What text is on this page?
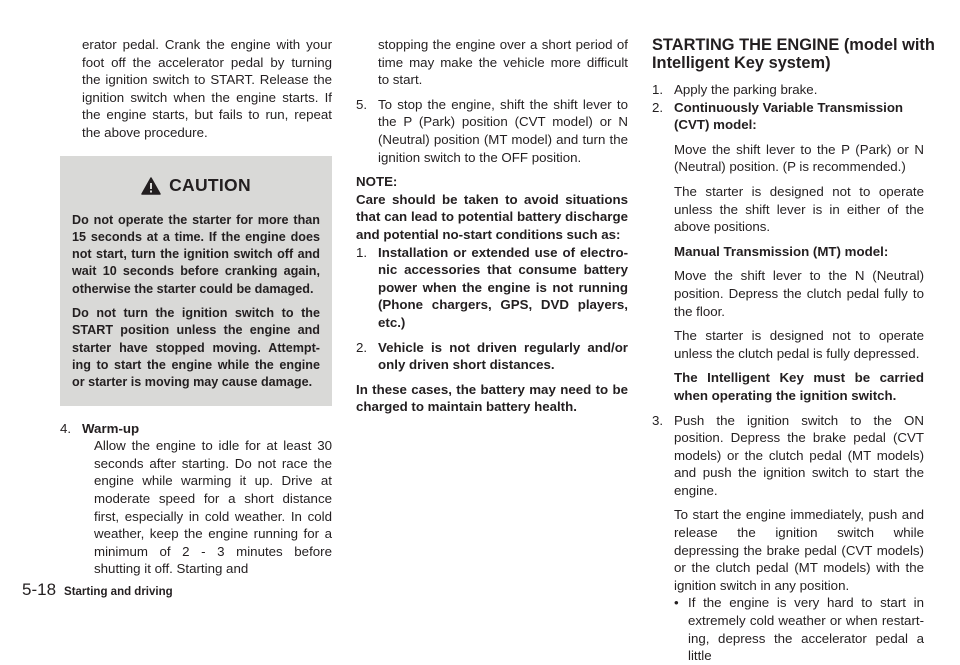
STARTING THE ENGINE (model with Intelligent Key system)
erator pedal. Crank the engine with your foot off the accelerator pedal by turning the ignition switch to START. Release the ignition switch when the engine starts. If the engine starts, but fails to run, repeat the above procedure.
CAUTION
Do not operate the starter for more than 15 seconds at a time. If the engine does not start, turn the ignition switch off and wait 10 seconds before cranking again, otherwise the starter could be damaged.
Do not turn the ignition switch to the START position unless the engine and starter have stopped moving. Attempt-ing to start the engine while the engine or starter is moving may cause damage.
4. Warm-up
Allow the engine to idle for at least 30 seconds after starting. Do not race the engine while warming it up. Drive at moderate speed for a short distance first, especially in cold weather. In cold weather, keep the engine running for a minimum of 2 - 3 minutes before shutting it off. Starting and
stopping the engine over a short period of time may make the vehicle more difficult to start.
5. To stop the engine, shift the shift lever to the P (Park) position (CVT model) or N (Neutral) position (MT model) and turn the ignition switch to the OFF position.
NOTE:
Care should be taken to avoid situations that can lead to potential battery discharge and potential no-start conditions such as:
1. Installation or extended use of electro-nic accessories that consume battery power when the engine is not running (Phone chargers, GPS, DVD players, etc.)
2. Vehicle is not driven regularly and/or only driven short distances.
In these cases, the battery may need to be charged to maintain battery health.
1. Apply the parking brake.
2. Continuously Variable Transmission (CVT) model:
Move the shift lever to the P (Park) or N (Neutral) position. (P is recommended.)
The starter is designed not to operate unless the shift lever is in either of the above positions.
Manual Transmission (MT) model:
Move the shift lever to the N (Neutral) position. Depress the clutch pedal fully to the floor.
The starter is designed not to operate unless the clutch pedal is fully depressed.
The Intelligent Key must be carried when operating the ignition switch.
3. Push the ignition switch to the ON position. Depress the brake pedal (CVT models) or the clutch pedal (MT models) and push the ignition switch to start the engine.
To start the engine immediately, push and release the ignition switch while depressing the brake pedal (CVT models) or the clutch pedal (MT models) with the ignition switch in any position.
• If the engine is very hard to start in extremely cold weather or when restart-ing, depress the accelerator pedal a little
5-18 Starting and driving
